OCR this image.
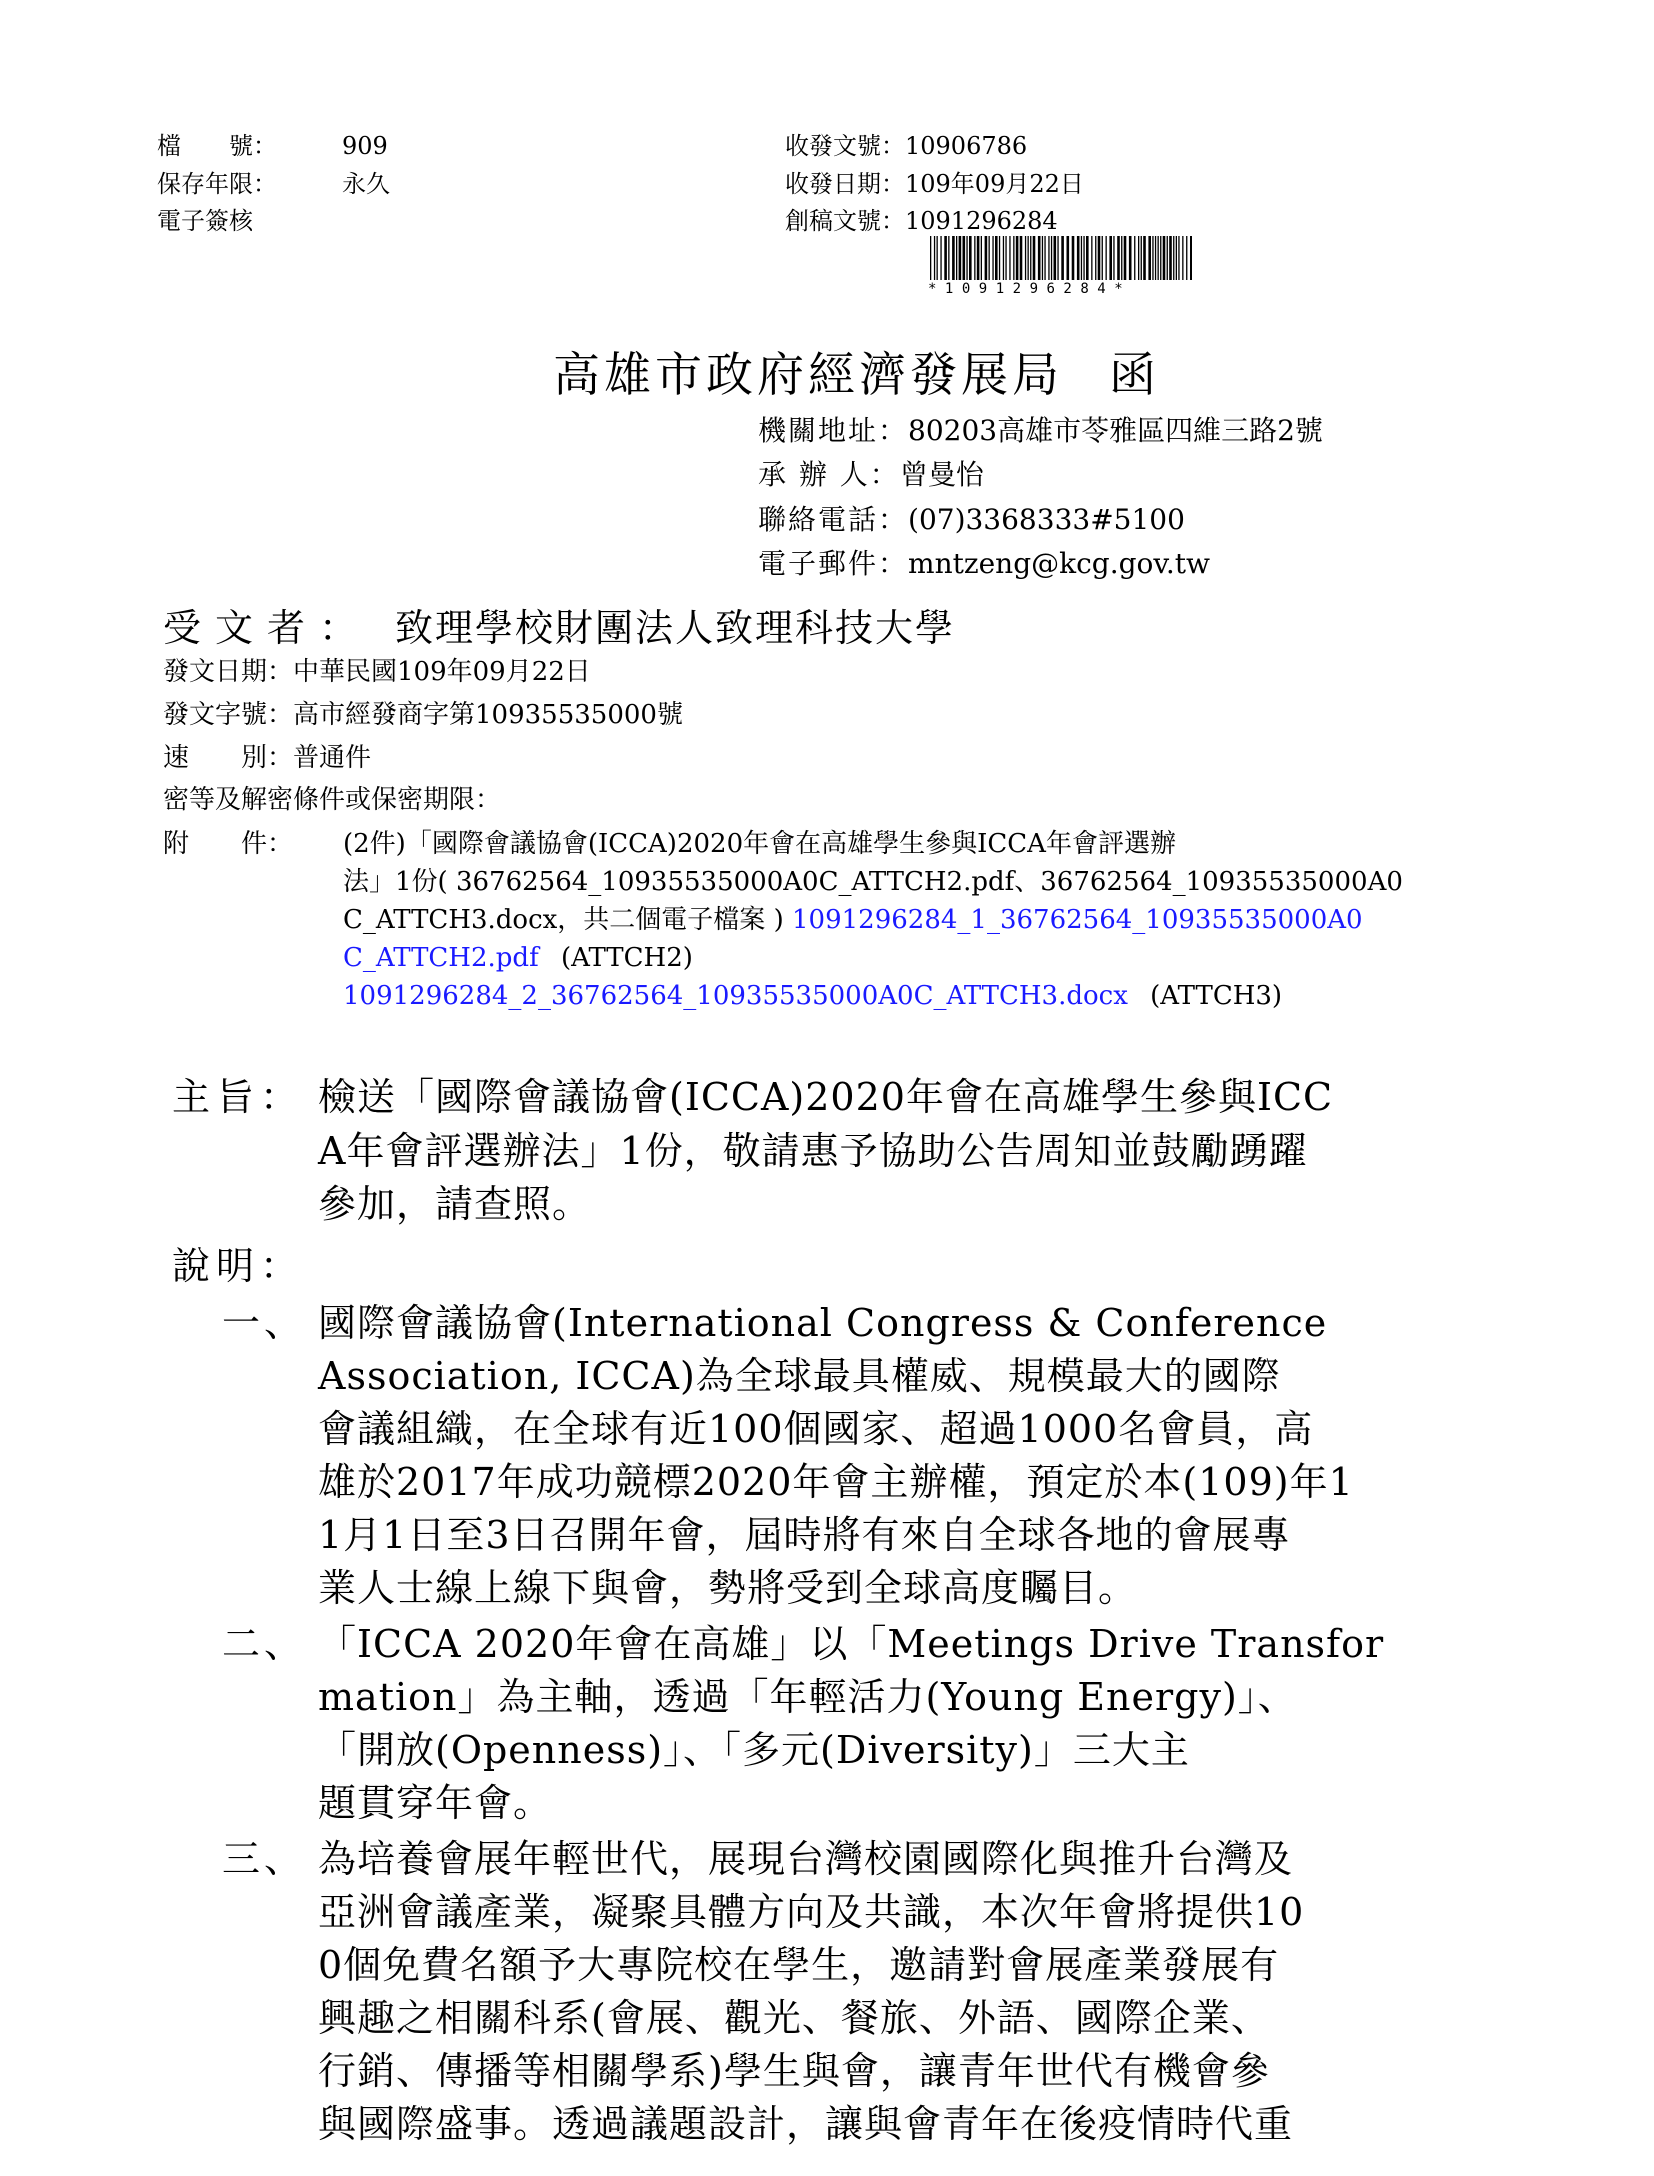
檔　　號：	909
保存年限：	永久
電子簽核
收發文號： 10906786
收發日期： 109年09月22日
創稿文號： 1091296284
*1091296284*
高雄市政府經濟發展局 函
機關地址：80203高雄市苓雅區四維三路2號
承 辦 人：曾曼怡
聯絡電話：(07)3368333#5100
電子郵件：mntzeng@kcg.gov.tw
受文者： 致理學校財團法人致理科技大學
發文日期：中華民國109年09月22日
發文字號：高市經發商字第10935535000號
速　　別：普通件
密等及解密條件或保密期限：
附　　件： (2件)「國際會議協會(ICCA)2020年會在高雄學生參與ICCA年會評選辦
法」1份( 36762564_10935535000A0C_ATTCH2.pdf、36762564_10935535000A0
C_ATTCH3.docx，共二個電子檔案 ) 1091296284_1_36762564_10935535000A0
C_ATTCH2.pdf (ATTCH2)
1091296284_2_36762564_10935535000A0C_ATTCH3.docx (ATTCH3)
主旨： 檢送「國際會議協會(ICCA)2020年會在高雄學生參與ICC
A年會評選辦法」1份，敬請惠予協助公告周知並鼓勵踴躍
參加，請查照。
說明：
一、 國際會議協會(International Congress & Conference
Association, ICCA)為全球最具權威、規模最大的國際
會議組織，在全球有近100個國家、超過1000名會員，高
雄於2017年成功競標2020年會主辦權，預定於本(109)年1
1月1日至3日召開年會，屆時將有來自全球各地的會展專
業人士線上線下與會，勢將受到全球高度矚目。
二、 「ICCA 2020年會在高雄」以「Meetings Drive Transfor
mation」為主軸，透過「年輕活力(Young Energy)」、
「開放(Openness)」、「多元(Diversity)」三大主
題貫穿年會。
三、 為培養會展年輕世代，展現台灣校園國際化與推升台灣及
亞洲會議產業，凝聚具體方向及共識，本次年會將提供10
0個免費名額予大專院校在學生，邀請對會展產業發展有
興趣之相關科系(會展、觀光、餐旅、外語、國際企業、
行銷、傳播等相關學系)學生與會，讓青年世代有機會參
與國際盛事。透過議題設計，讓與會青年在後疫情時代重
